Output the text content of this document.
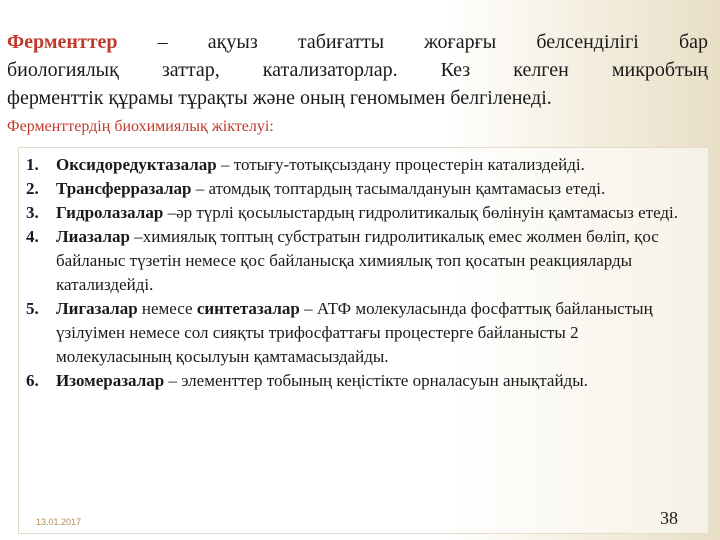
Ферменттер – ақуыз табиғатты жоғарғы белсенділігі бар
биологиялық заттар, катализаторлар. Кез келген микробтың
ферменттік құрамы тұрақты және оның геномымен белгіленеді.
Ферменттердің биохимиялық жіктелуі:
1. Оксидоредуктазалар – тотығу-тотықсыздану процестерін катализдейді.
2. Трансферразалар – атомдық топтардың тасымалдануын қамтамасыз етеді.
3. Гидролазалар –әр түрлі қосылыстардың гидролитикалық бөлінуін қамтамасыз етеді.
4. Лиазалар –химиялық топтың субстратын гидролитикалық емес жолмен бөліп, қос байланыс түзетін немесе қос байланысқа химиялық топ қосатын реакцияларды катализдейді.
5. Лигазалар немесе синтетазалар – АТФ молекуласында фосфаттық байланыстың үзілуімен немесе сол сияқты трифосфаттағы процестерге байланысты 2 молекуласының қосылуын қамтамасыздайды.
6. Изомеразалар – элементтер тобының кеңістікте орналасуын анықтайды.
13.01.2017	38
